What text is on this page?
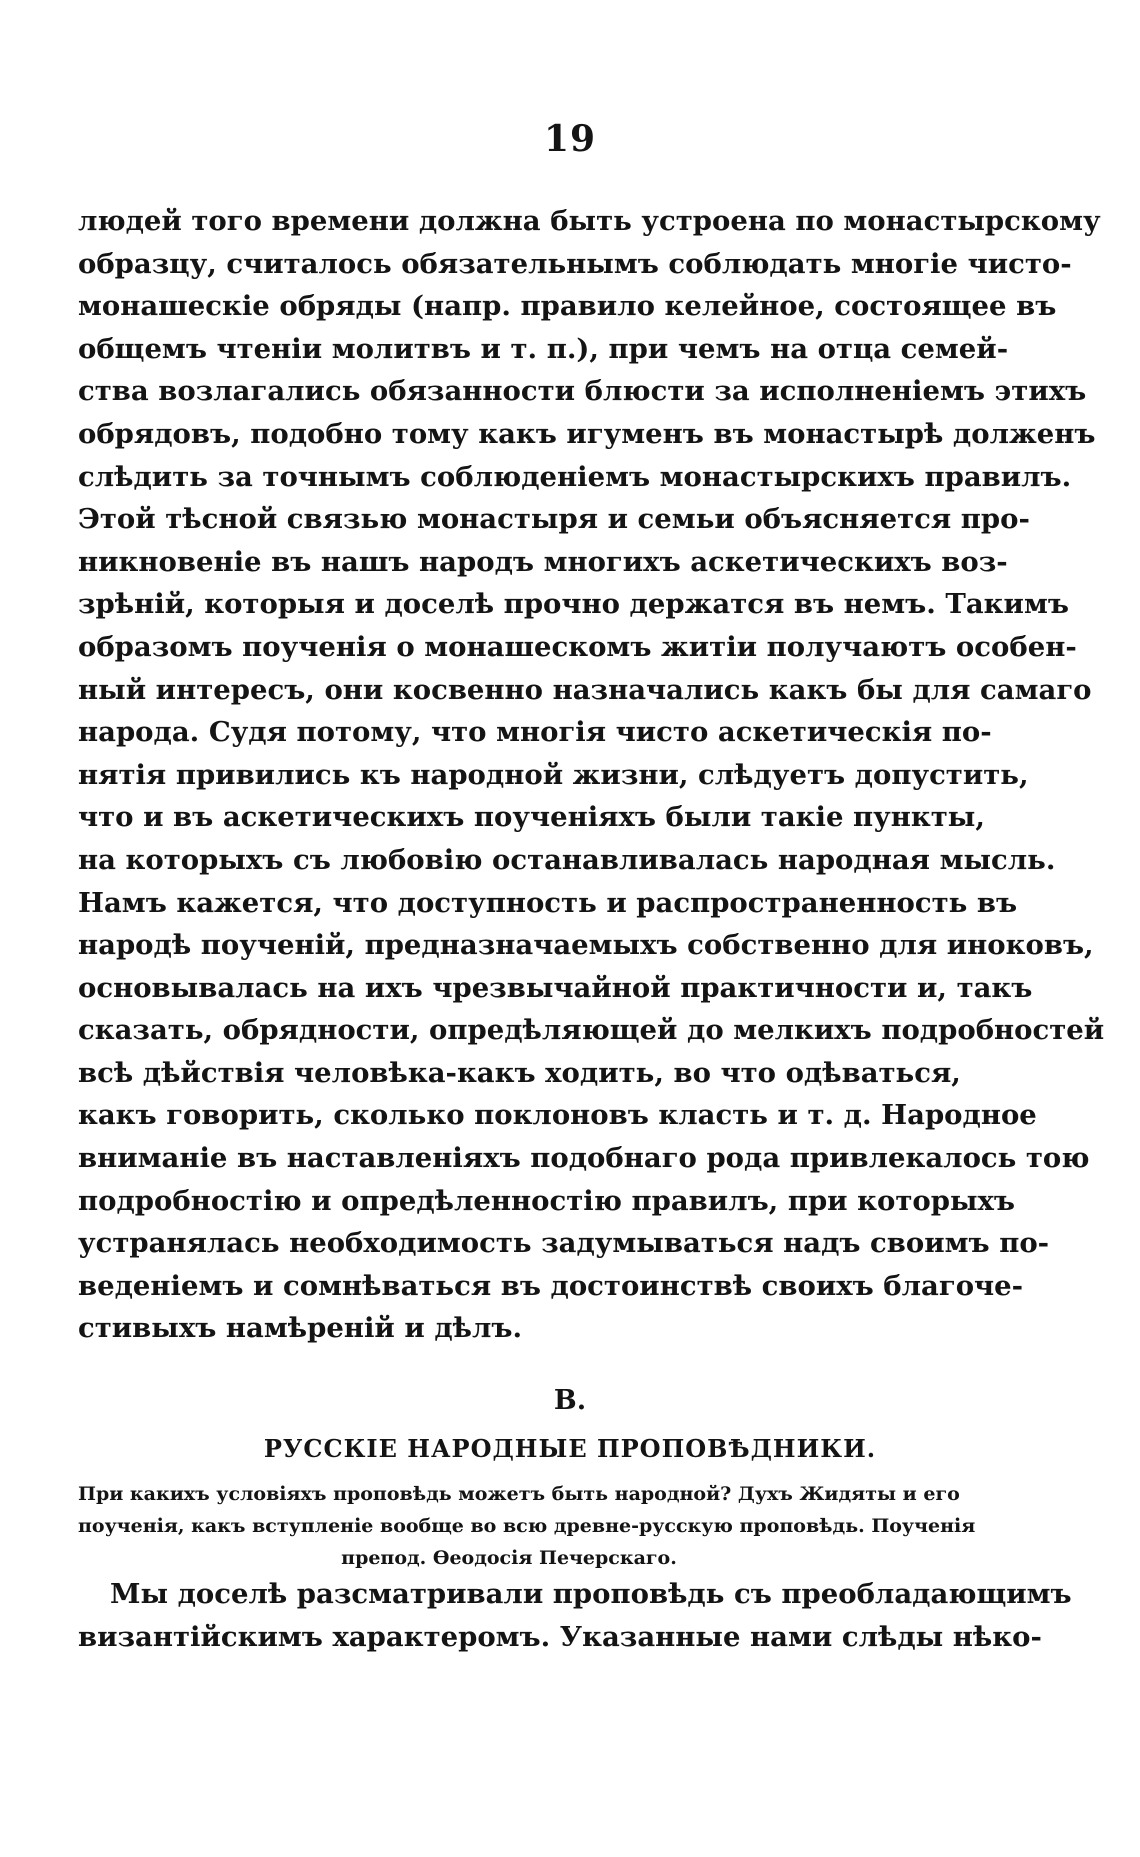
19
людей того времени должна быть устроена по монастырскому
образцу, считалось обязательнымъ соблюдать многіе чисто-
монашескіе обряды (напр. правило келейное, состоящее въ
общемъ чтеніи молитвъ и т. п.), при чемъ на отца семей-
ства возлагались обязанности блюсти за исполненіемъ этихъ
обрядовъ, подобно тому какъ игуменъ въ монастырѣ долженъ
слѣдить за точнымъ соблюденіемъ монастырскихъ правилъ.
Этой тѣсной связью монастыря и семьи объясняется про-
никновеніе въ нашъ народъ многихъ аскетическихъ воз-
зрѣній, которыя и доселѣ прочно держатся въ немъ. Такимъ
образомъ поученія о монашескомъ житіи получаютъ особен-
ный интересъ, они косвенно назначались какъ бы для самаго
народа. Судя потому, что многія чисто аскетическія по-
нятія привились къ народной жизни, слѣдуетъ допустить,
что и въ аскетическихъ поученіяхъ были такіе пункты,
на которыхъ съ любовію останавливалась народная мысль.
Намъ кажется, что доступность и распространенность въ
народѣ поученій, предназначаемыхъ собственно для иноковъ,
основывалась на ихъ чрезвычайной практичности и, такъ
сказать, обрядности, опредѣляющей до мелкихъ подробностей
всѣ дѣйствія человѣка-какъ ходить, во что одѣваться,
какъ говорить, сколько поклоновъ класть и т. д. Народное
вниманіе въ наставленіяхъ подобнаго рода привлекалось тою
подробностію и опредѣленностію правилъ, при которыхъ
устранялась необходимость задумываться надъ своимъ по-
веденіемъ и сомнѣваться въ достоинствѣ своихъ благоче-
стивыхъ намѣреній и дѣлъ.
В.
РУССКІЕ НАРОДНЫЕ ПРОПОВѢДНИКИ.
При какихъ условіяхъ проповѣдь можетъ быть народной? Духъ Жидяты и его
поученія, какъ вступленіе вообще во всю древне-русскую проповѣдь. Поученія
препод. Ѳеодосія Печерскаго.
Мы доселѣ разсматривали проповѣдь съ преобладающимъ
византійскимъ характеромъ. Указанные нами слѣды нѣко-
